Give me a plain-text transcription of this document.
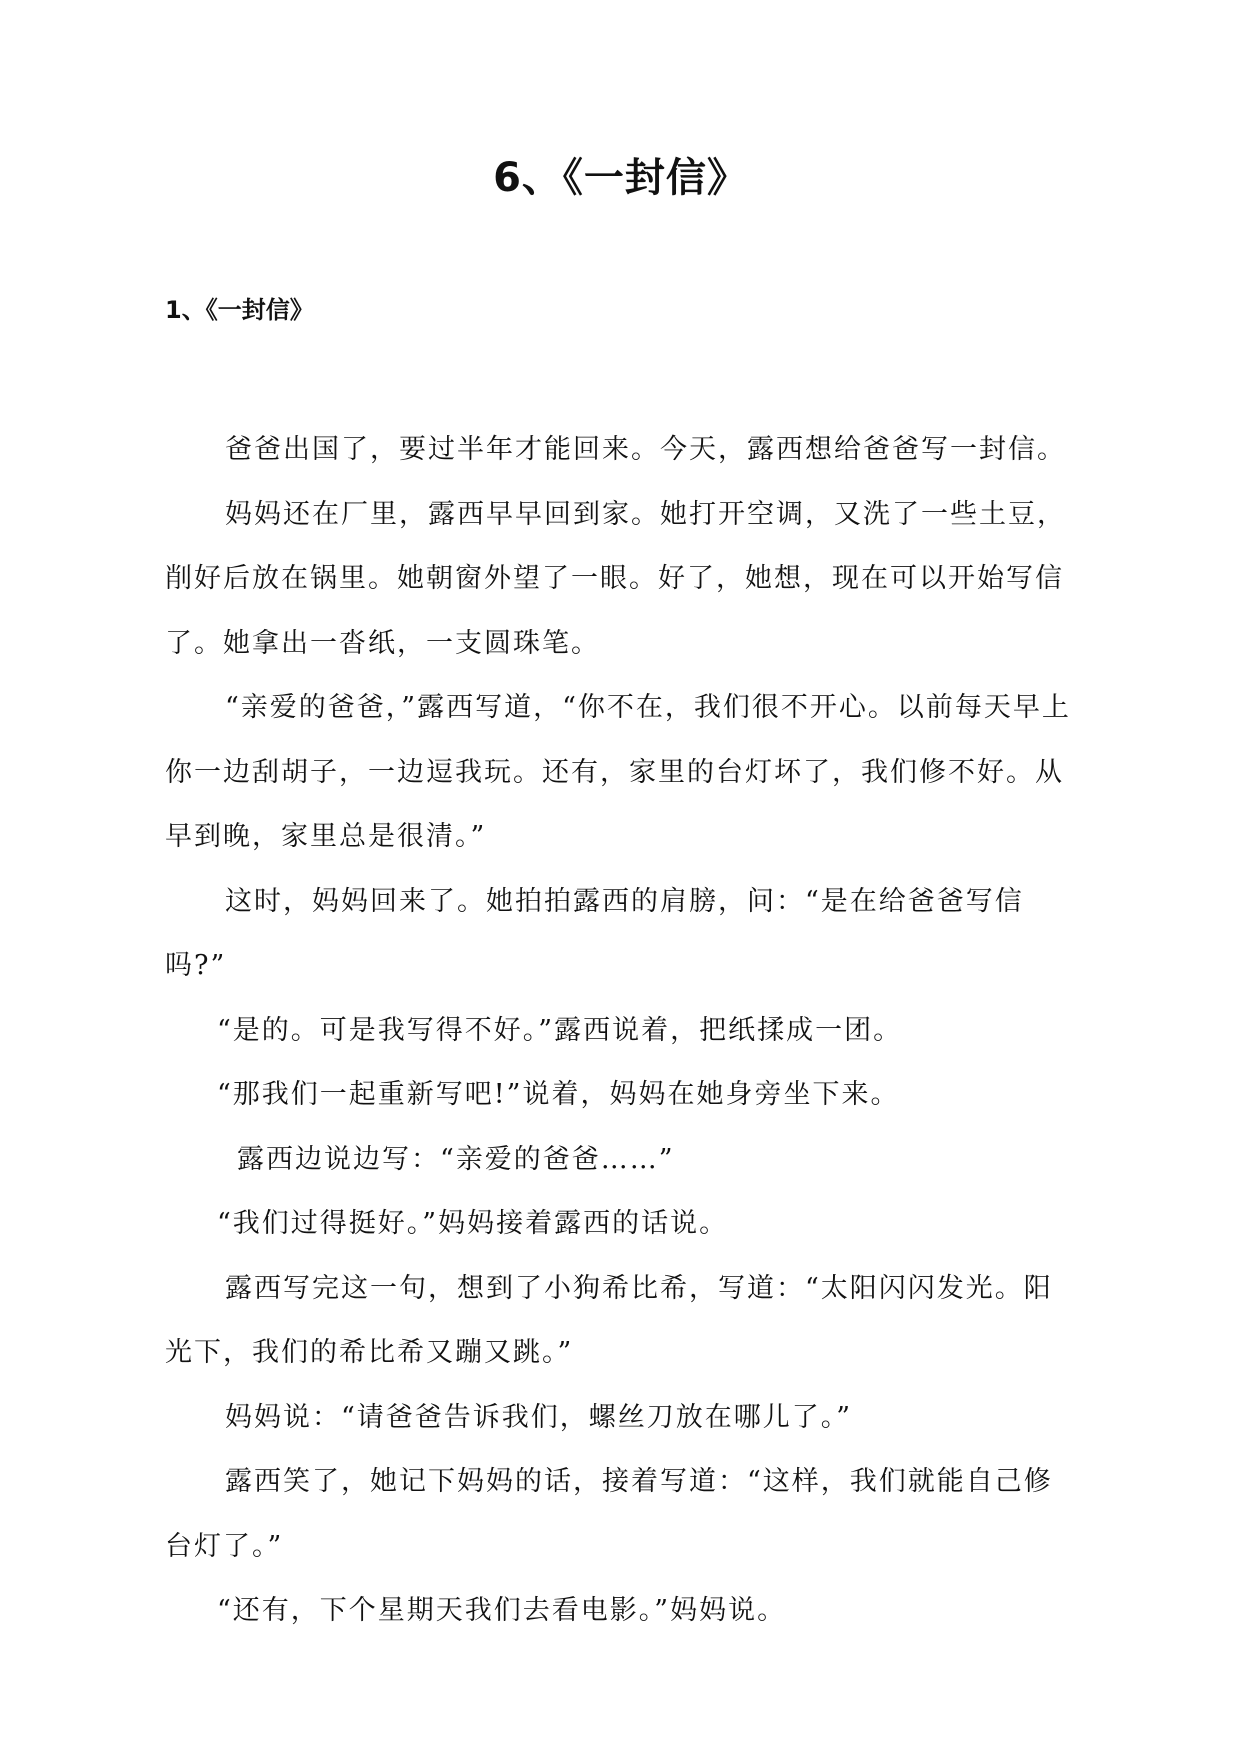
6、《一封信》
1、《一封信》

爸爸出国了，要过半年才能回来。今天，露西想给爸爸写一封信。

妈妈还在厂里，露西早早回到家。她打开空调，又洗了一些土豆，削好后放在锅里。她朝窗外望了一眼。好了，她想，现在可以开始写信了。她拿出一沓纸，一支圆珠笔。

“亲爱的爸爸，”露西写道，“你不在，我们很不开心。以前每天早上你一边刮胡子，一边逗我玩。还有，家里的台灯坏了，我们修不好。从早到晚，家里总是很清。”

这时，妈妈回来了。她拍拍露西的肩膀，问：“是在给爸爸写信吗?”

“是的。可是我写得不好。”露西说着，把纸揉成一团。

“那我们一起重新写吧!”说着，妈妈在她身旁坐下来。

露西边说边写：“亲爱的爸爸……”

“我们过得挺好。”妈妈接着露西的话说。

露西写完这一句，想到了小狗希比希，写道：“太阳闪闪发光。阳光下，我们的希比希又蹦又跳。”

妈妈说：“请爸爸告诉我们，螺丝刀放在哪儿了。”

露西笑了，她记下妈妈的话，接着写道：“这样，我们就能自己修台灯了。”

“还有，下个星期天我们去看电影。”妈妈说。
